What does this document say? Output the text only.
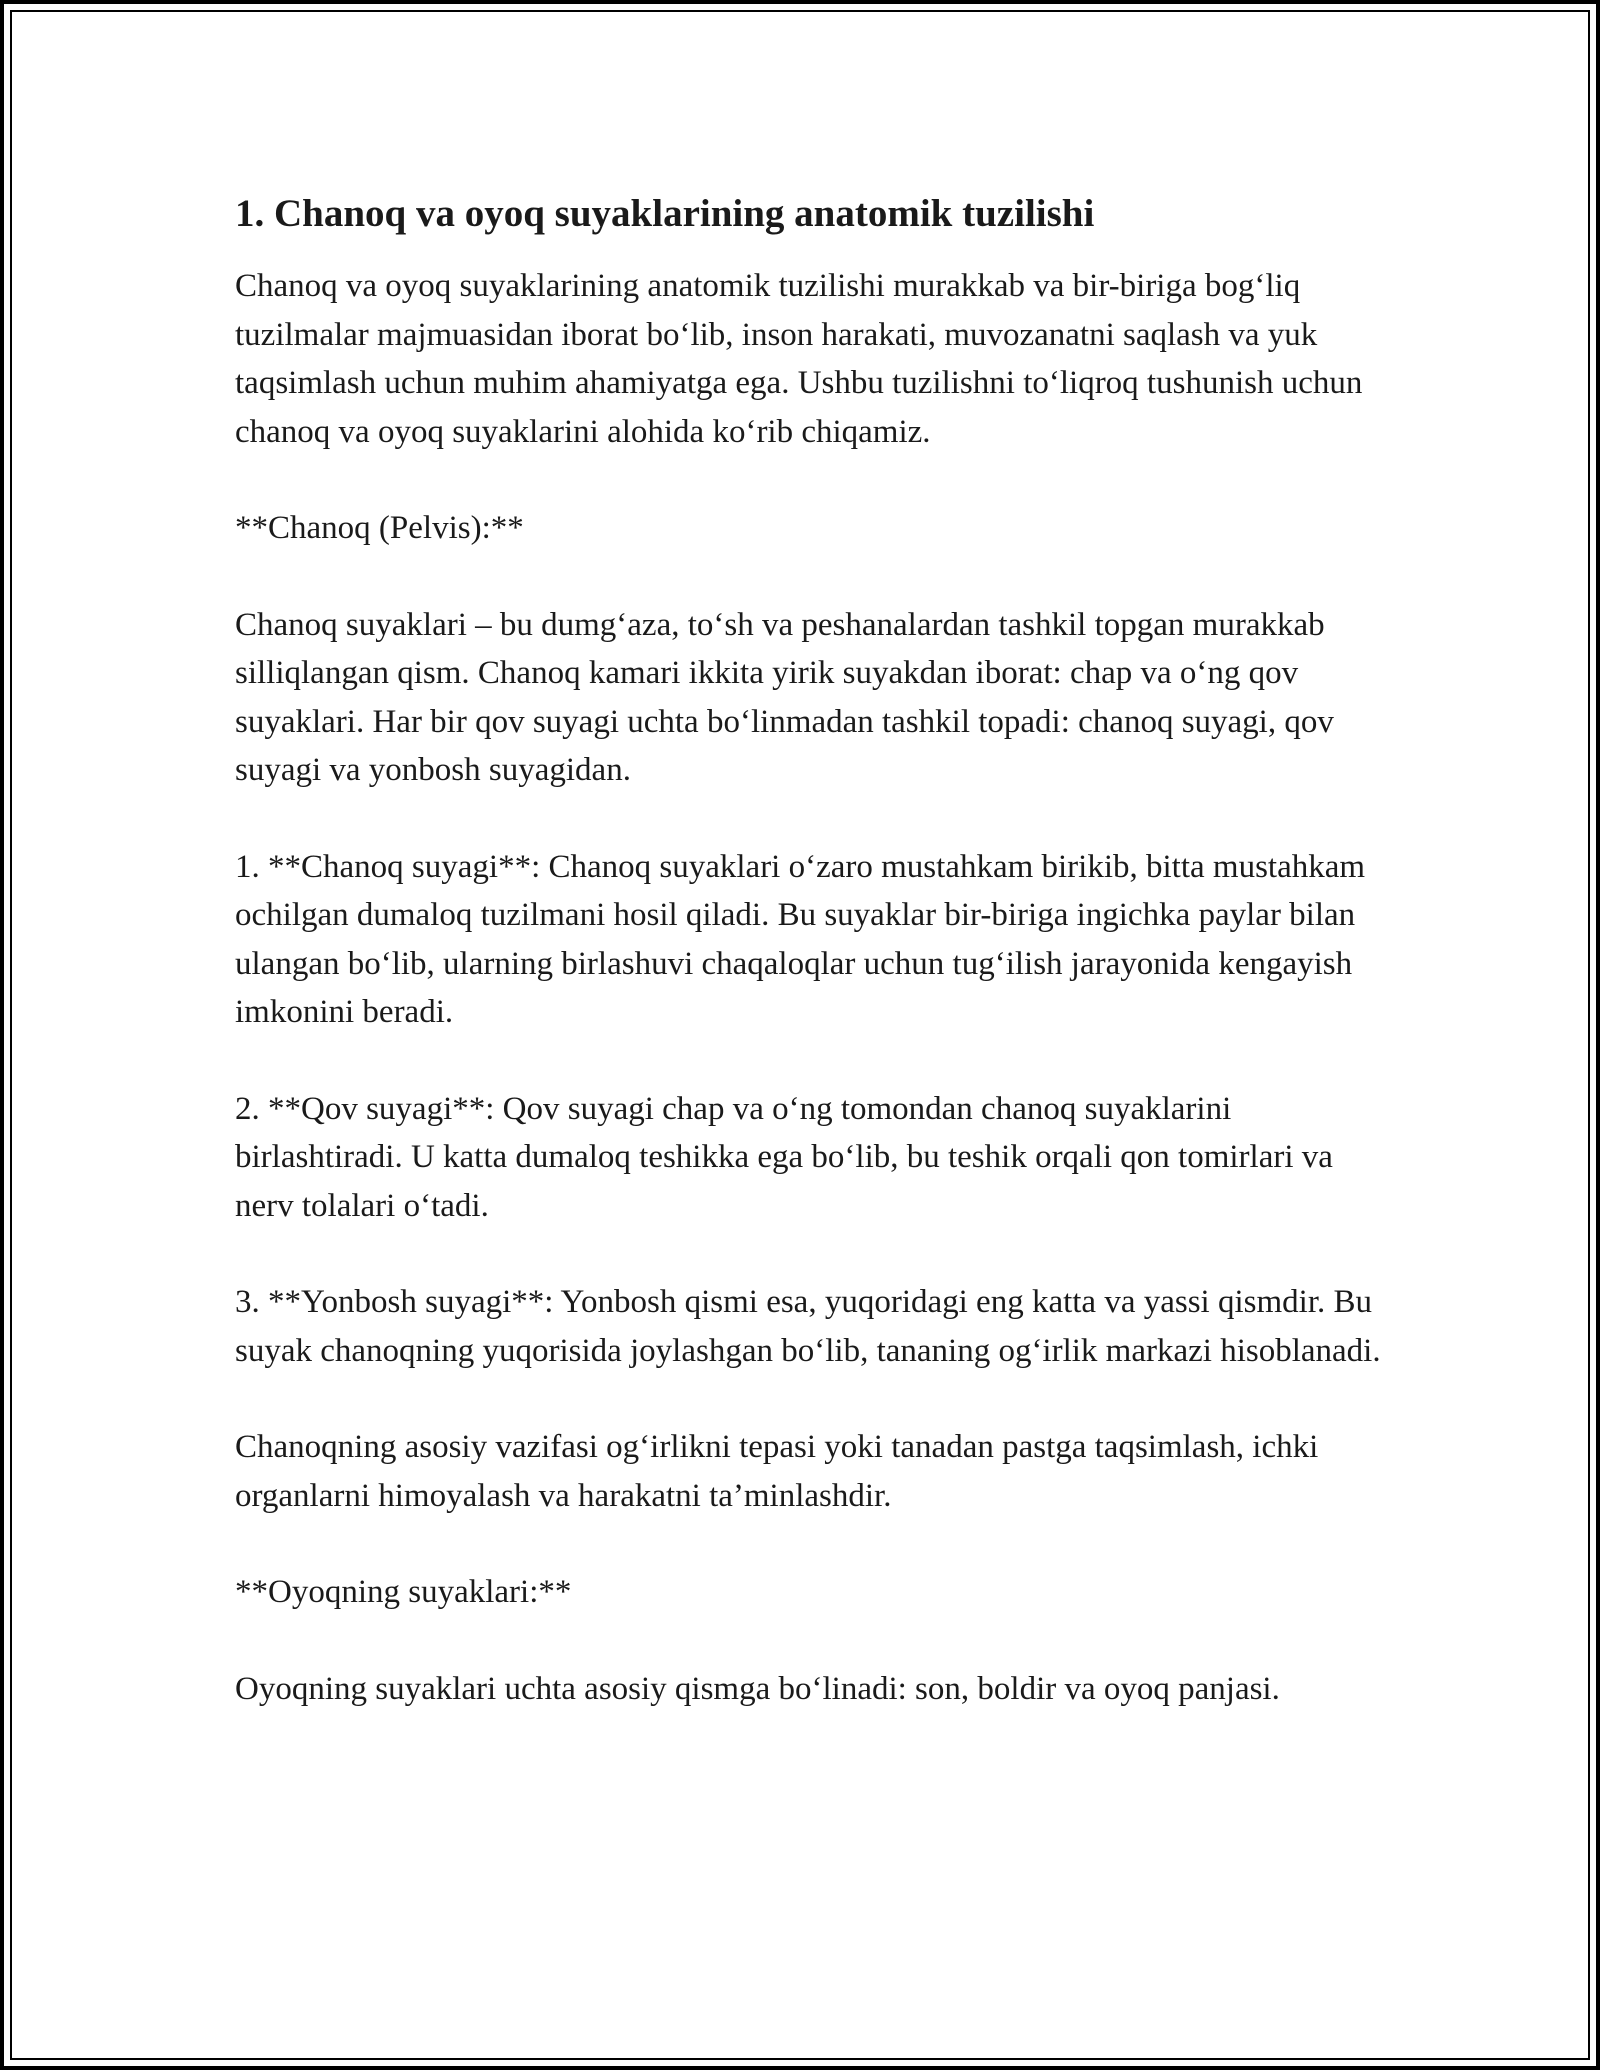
1. Chanoq va oyoq suyaklarining anatomik tuzilishi

Chanoq va oyoq suyaklarining anatomik tuzilishi murakkab va bir-biriga bog‘liq tuzilmalar majmuasidan iborat bo‘lib, inson harakati, muvozanatni saqlash va yuk taqsimlash uchun muhim ahamiyatga ega. Ushbu tuzilishni to‘liqroq tushunish uchun chanoq va oyoq suyaklarini alohida ko‘rib chiqamiz.

**Chanoq (Pelvis):**

Chanoq suyaklari – bu dumg‘aza, to‘sh va peshanalardan tashkil topgan murakkab silliqlangan qism. Chanoq kamari ikkita yirik suyakdan iborat: chap va o‘ng qov suyaklari. Har bir qov suyagi uchta bo‘linmadan tashkil topadi: chanoq suyagi, qov suyagi va yonbosh suyagidan.

1. **Chanoq suyagi**: Chanoq suyaklari o‘zaro mustahkam birikib, bitta mustahkam ochilgan dumaloq tuzilmani hosil qiladi. Bu suyaklar bir-biriga ingichka paylar bilan ulangan bo‘lib, ularning birlashuvi chaqaloqlar uchun tug‘ilish jarayonida kengayish imkonini beradi.

2. **Qov suyagi**: Qov suyagi chap va o‘ng tomondan chanoq suyaklarini birlashtiradi. U katta dumaloq teshikka ega bo‘lib, bu teshik orqali qon tomirlari va nerv tolalari o‘tadi.

3. **Yonbosh suyagi**: Yonbosh qismi esa, yuqoridagi eng katta va yassi qismdir. Bu suyak chanoqning yuqorisida joylashgan bo‘lib, tananing og‘irlik markazi hisoblanadi.

Chanoqning asosiy vazifasi og‘irlikni tepasi yoki tanadan pastga taqsimlash, ichki organlarni himoyalash va harakatni ta’minlashdir.

**Oyoqning suyaklari:**

Oyoqning suyaklari uchta asosiy qismga bo‘linadi: son, boldir va oyoq panjasi.
